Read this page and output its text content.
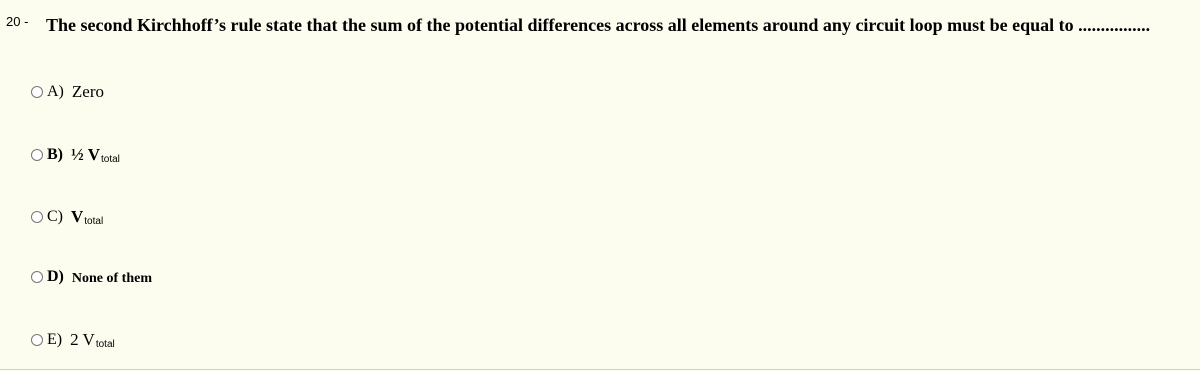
20 - The second Kirchhoff’s rule state that the sum of the potential differences across all elements around any circuit loop must be equal to ................
A) Zero
B) ½ V total
C) V total
D) None of them
E) 2 V total
